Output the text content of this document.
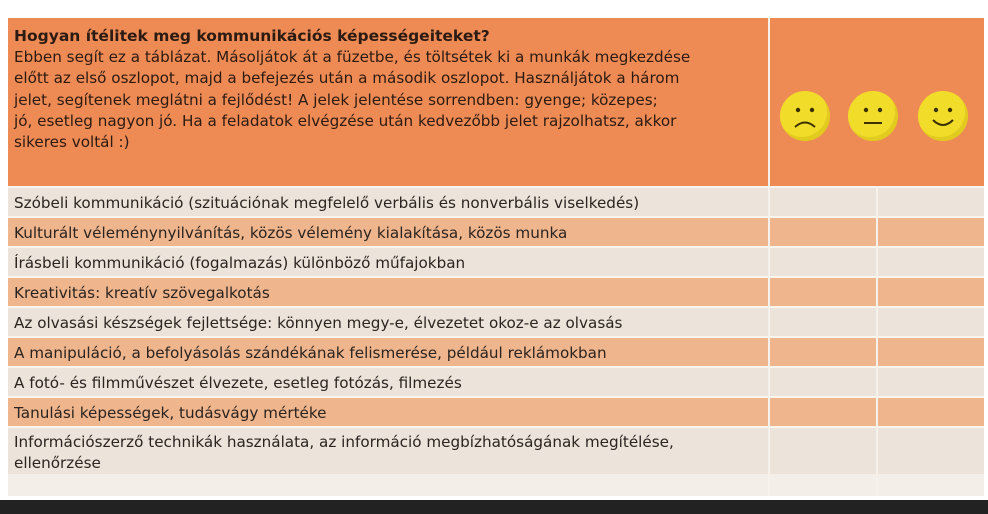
Hogyan ítélitek meg kommunikációs képességeiteket?
Ebben segít ez a táblázat. Másoljátok át a füzetbe, és töltsétek ki a munkák megkezdése
előtt az első oszlopot, majd a befejezés után a második oszlopot. Használjátok a három
jelet, segítenek meglátni a fejlődést! A jelek jelentése sorrendben: gyenge; közepes;
jó, esetleg nagyon jó. Ha a feladatok elvégzése után kedvezőbb jelet rajzolhatsz, akkor
sikeres voltál :)
Szóbeli kommunikáció (szituációnak megfelelő verbális és nonverbális viselkedés)
Kulturált véleménynyilvánítás, közös vélemény kialakítása, közös munka
Írásbeli kommunikáció (fogalmazás) különböző műfajokban
Kreativitás: kreatív szövegalkotás
Az olvasási készségek fejlettsége: könnyen megy-e, élvezetet okoz-e az olvasás
A manipuláció, a befolyásolás szándékának felismerése, például reklámokban
A fotó- és filmművészet élvezete, esetleg fotózás, filmezés
Tanulási képességek, tudásvágy mértéke
Információszerző technikák használata, az információ megbízhatóságának megítélése, ellenőrzése
